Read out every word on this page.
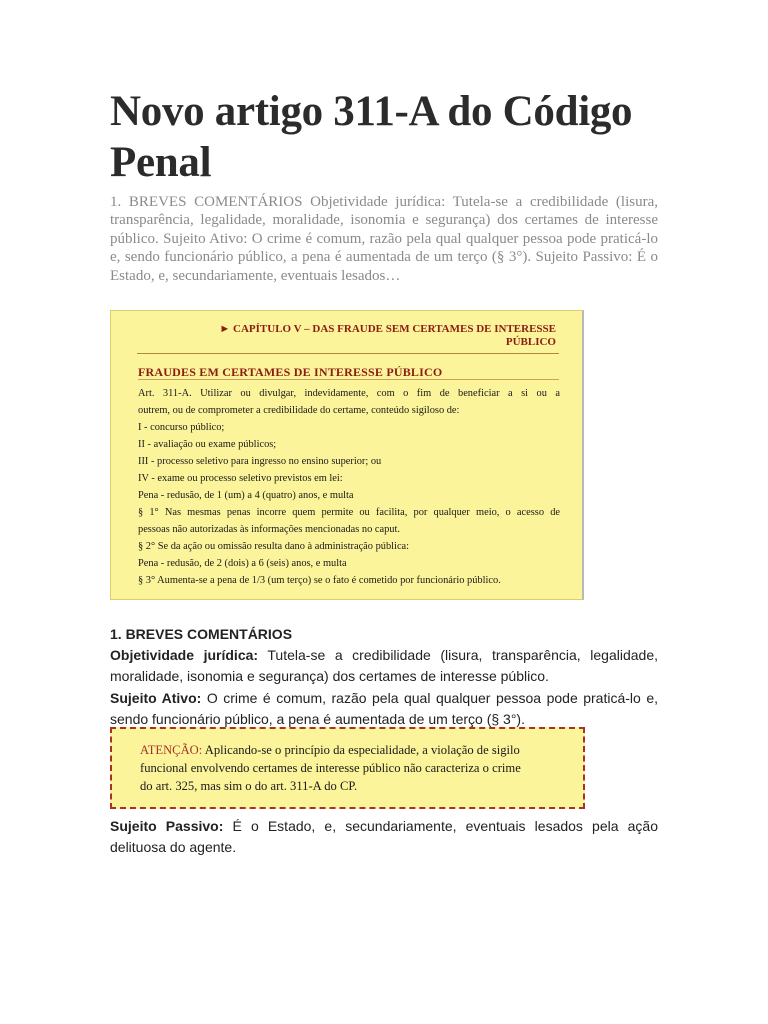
Novo artigo 311-A do Código Penal
1. BREVES COMENTÁRIOS Objetividade jurídica: Tutela-se a credibilidade (lisura, transparência, legalidade, moralidade, isonomia e segurança) dos certames de interesse público. Sujeito Ativo: O crime é comum, razão pela qual qualquer pessoa pode praticá-lo e, sendo funcionário público, a pena é aumentada de um terço (§ 3°). Sujeito Passivo: É o Estado, e, secundariamente, eventuais lesados…
► CAPÍTULO V – DAS FRAUDE SEM CERTAMES DE INTERESSE
PÚBLICO
FRAUDES EM CERTAMES DE INTERESSE PÚBLICO
Art. 311-A. Utilizar ou divulgar, indevidamente, com o fim de beneficiar a si ou a
outrem, ou de comprometer a credibilidade do certame, conteúdo sigiloso de:
I - concurso público;
II - avaliação ou exame públicos;
III - processo seletivo para ingresso no ensino superior; ou
IV - exame ou processo seletivo previstos em lei:
Pena - redusão, de 1 (um) a 4 (quatro) anos, e multa
§ 1° Nas mesmas penas incorre quem permite ou facilita, por qualquer meio, o acesso de
pessoas não autorizadas às informações mencionadas no caput.
§ 2° Se da ação ou omissão resulta dano à administração pública:
Pena - redusão, de 2 (dois) a 6 (seis) anos, e multa
§ 3° Aumenta-se a pena de 1/3 (um terço) se o fato é cometido por funcionário público.
1. BREVES COMENTÁRIOS
Objetividade jurídica: Tutela-se a credibilidade (lisura, transparência, legalidade, moralidade, isonomia e segurança) dos certames de interesse público.
Sujeito Ativo: O crime é comum, razão pela qual qualquer pessoa pode praticá-lo e, sendo funcionário público, a pena é aumentada de um terço (§ 3°).
ATENÇÃO: Aplicando-se o princípio da especialidade, a violação de sigilo
funcional envolvendo certames de interesse público não caracteriza o crime
do art. 325, mas sim o do art. 311-A do CP.
Sujeito Passivo: É o Estado, e, secundariamente, eventuais lesados pela ação delituosa do agente.
